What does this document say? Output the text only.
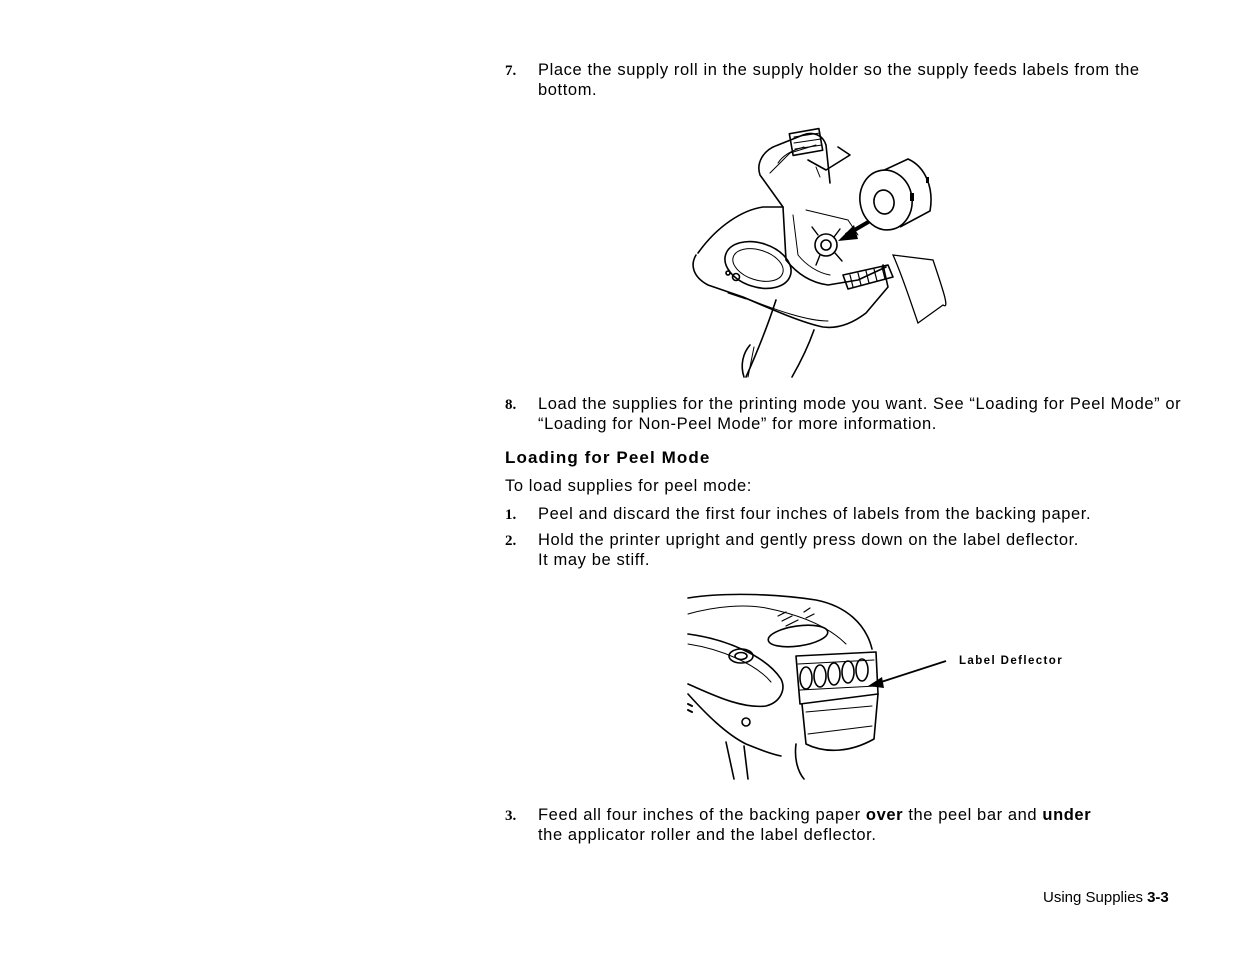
7. Place the supply roll in the supply holder so the supply feeds labels from the bottom.
8. Load the supplies for the printing mode you want. See “Loading for Peel Mode” or “Loading for Non-Peel Mode” for more information.
Loading for Peel Mode
To load supplies for peel mode:
1. Peel and discard the first four inches of labels from the backing paper.
2. Hold the printer upright and gently press down on the label deflector.
It may be stiff.
Label Deflector
3. Feed all four inches of the backing paper over the peel bar and under
the applicator roller and the label deflector.
Using Supplies 3-3
